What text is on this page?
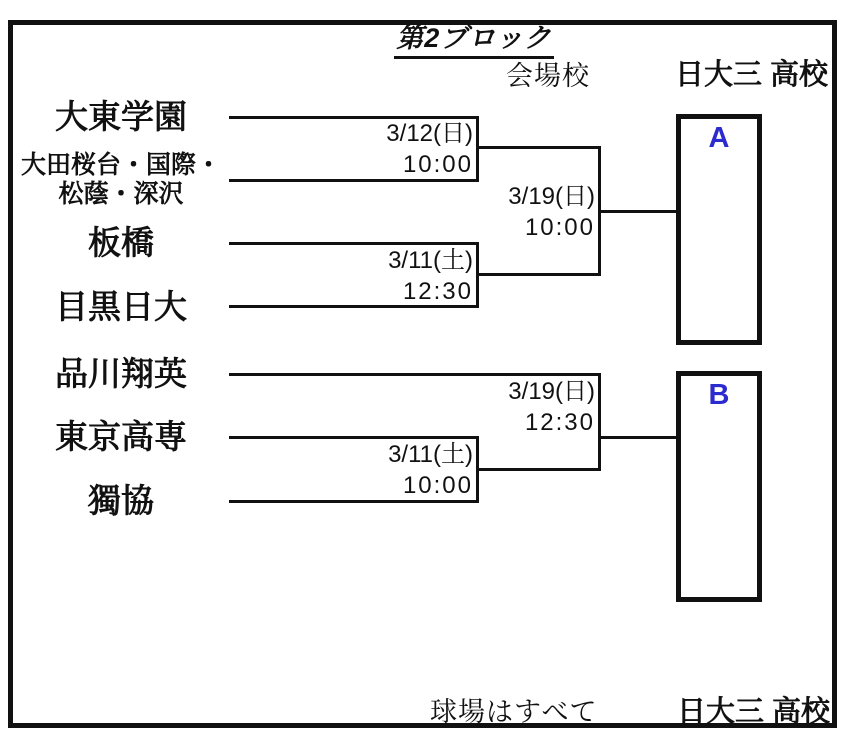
第2ブロック
会場校	日大三 高校
大東学園
大田桜台・国際・
松蔭・深沢
板橋
目黒日大
品川翔英
東京高専
獨協
3/12(日)
10:00
3/11(土)
12:30
3/11(土)
10:00
3/19(日)
10:00
3/19(日)
12:30
A
B
球場はすべて	日大三 高校
